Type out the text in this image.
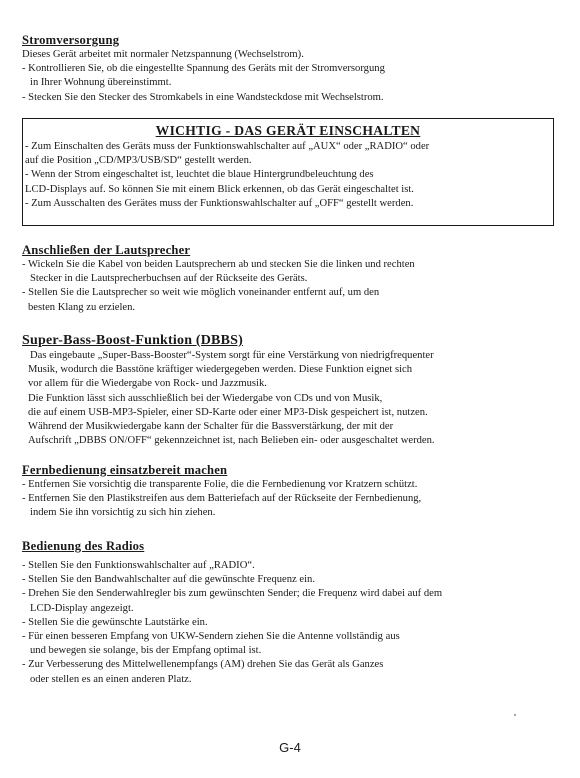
Stromversorgung
Dieses Gerät arbeitet mit normaler Netzspannung (Wechselstrom).
- Kontrollieren Sie, ob die eingestellte Spannung des Geräts mit der Stromversorgung
in Ihrer Wohnung übereinstimmt.
- Stecken Sie den Stecker des Stromkabels in eine Wandsteckdose mit Wechselstrom.
WICHTIG - DAS GERÄT EINSCHALTEN
- Zum Einschalten des Geräts muss der Funktionswahlschalter auf „AUX“ oder „RADIO“ oder
auf die Position „CD/MP3/USB/SD“ gestellt werden.
- Wenn der Strom eingeschaltet ist, leuchtet die blaue Hintergrundbeleuchtung des
LCD-Displays auf. So können Sie mit einem Blick erkennen, ob das Gerät eingeschaltet ist.
- Zum Ausschalten des Gerätes muss der Funktionswahlschalter auf „OFF“ gestellt werden.
Anschließen der Lautsprecher
- Wickeln Sie die Kabel von beiden Lautsprechern ab und stecken Sie die linken und rechten
Stecker in die Lautsprecherbuchsen auf der Rückseite des Geräts.
- Stellen Sie die Lautsprecher so weit wie möglich voneinander entfernt auf, um den
besten Klang zu erzielen.
Super-Bass-Boost-Funktion (DBBS)
Das eingebaute „Super-Bass-Booster“-System sorgt für eine Verstärkung von niedrigfrequenter
Musik, wodurch die Basstöne kräftiger wiedergegeben werden. Diese Funktion eignet sich
vor allem für die Wiedergabe von Rock- und Jazzmusik.
Die Funktion lässt sich ausschließlich bei der Wiedergabe von CDs und von Musik,
die auf einem USB-MP3-Spieler, einer SD-Karte oder einer MP3-Disk gespeichert ist, nutzen.
Während der Musikwiedergabe kann der Schalter für die Bassverstärkung, der mit der
Aufschrift „DBBS ON/OFF“ gekennzeichnet ist, nach Belieben ein- oder ausgeschaltet werden.
Fernbedienung einsatzbereit machen
- Entfernen Sie vorsichtig die transparente Folie, die die Fernbedienung vor Kratzern schützt.
- Entfernen Sie den Plastikstreifen aus dem Batteriefach auf der Rückseite der Fernbedienung,
indem Sie ihn vorsichtig zu sich hin ziehen.
Bedienung des Radios
- Stellen Sie den Funktionswahlschalter auf „RADIO“.
- Stellen Sie den Bandwahlschalter auf die gewünschte Frequenz ein.
- Drehen Sie den Senderwahlregler bis zum gewünschten Sender; die Frequenz wird dabei auf dem
LCD-Display angezeigt.
- Stellen Sie die gewünschte Lautstärke ein.
- Für einen besseren Empfang von UKW-Sendern ziehen Sie die Antenne vollständig aus
und bewegen sie solange, bis der Empfang optimal ist.
- Zur Verbesserung des Mittelwellenempfangs (AM) drehen Sie das Gerät als Ganzes
oder stellen es an einen anderen Platz.
G-4
